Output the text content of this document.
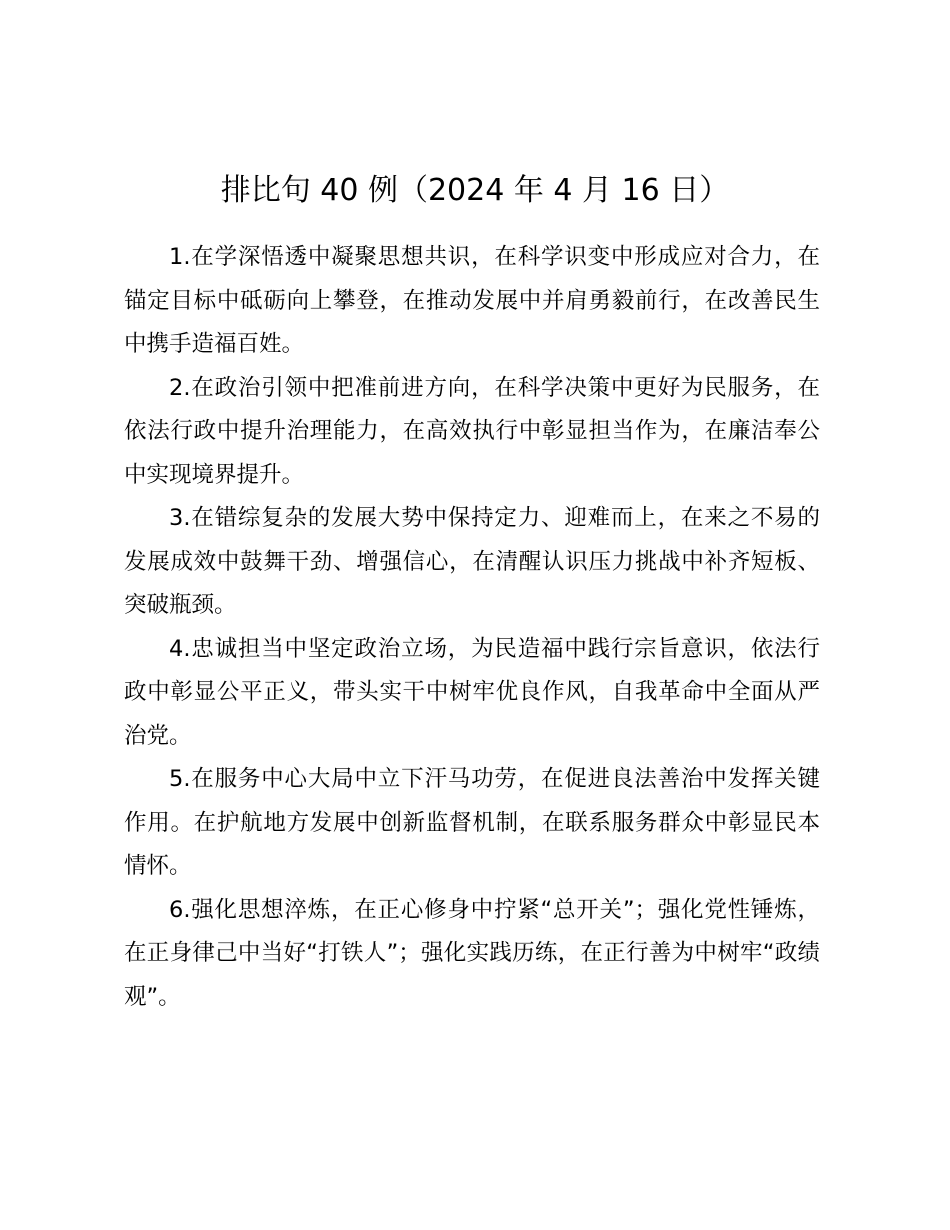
排比句 40 例（2024 年 4 月 16 日）

1.在学深悟透中凝聚思想共识，在科学识变中形成应对合力，在锚定目标中砥砺向上攀登，在推动发展中并肩勇毅前行，在改善民生中携手造福百姓。

2.在政治引领中把准前进方向，在科学决策中更好为民服务，在依法行政中提升治理能力，在高效执行中彰显担当作为，在廉洁奉公中实现境界提升。

3.在错综复杂的发展大势中保持定力、迎难而上，在来之不易的发展成效中鼓舞干劲、增强信心，在清醒认识压力挑战中补齐短板、突破瓶颈。

4.忠诚担当中坚定政治立场，为民造福中践行宗旨意识，依法行政中彰显公平正义，带头实干中树牢优良作风，自我革命中全面从严治党。

5.在服务中心大局中立下汗马功劳，在促进良法善治中发挥关键作用。在护航地方发展中创新监督机制，在联系服务群众中彰显民本情怀。

6.强化思想淬炼，在正心修身中拧紧“总开关”；强化党性锤炼，在正身律己中当好“打铁人”；强化实践历练，在正行善为中树牢“政绩观”。
